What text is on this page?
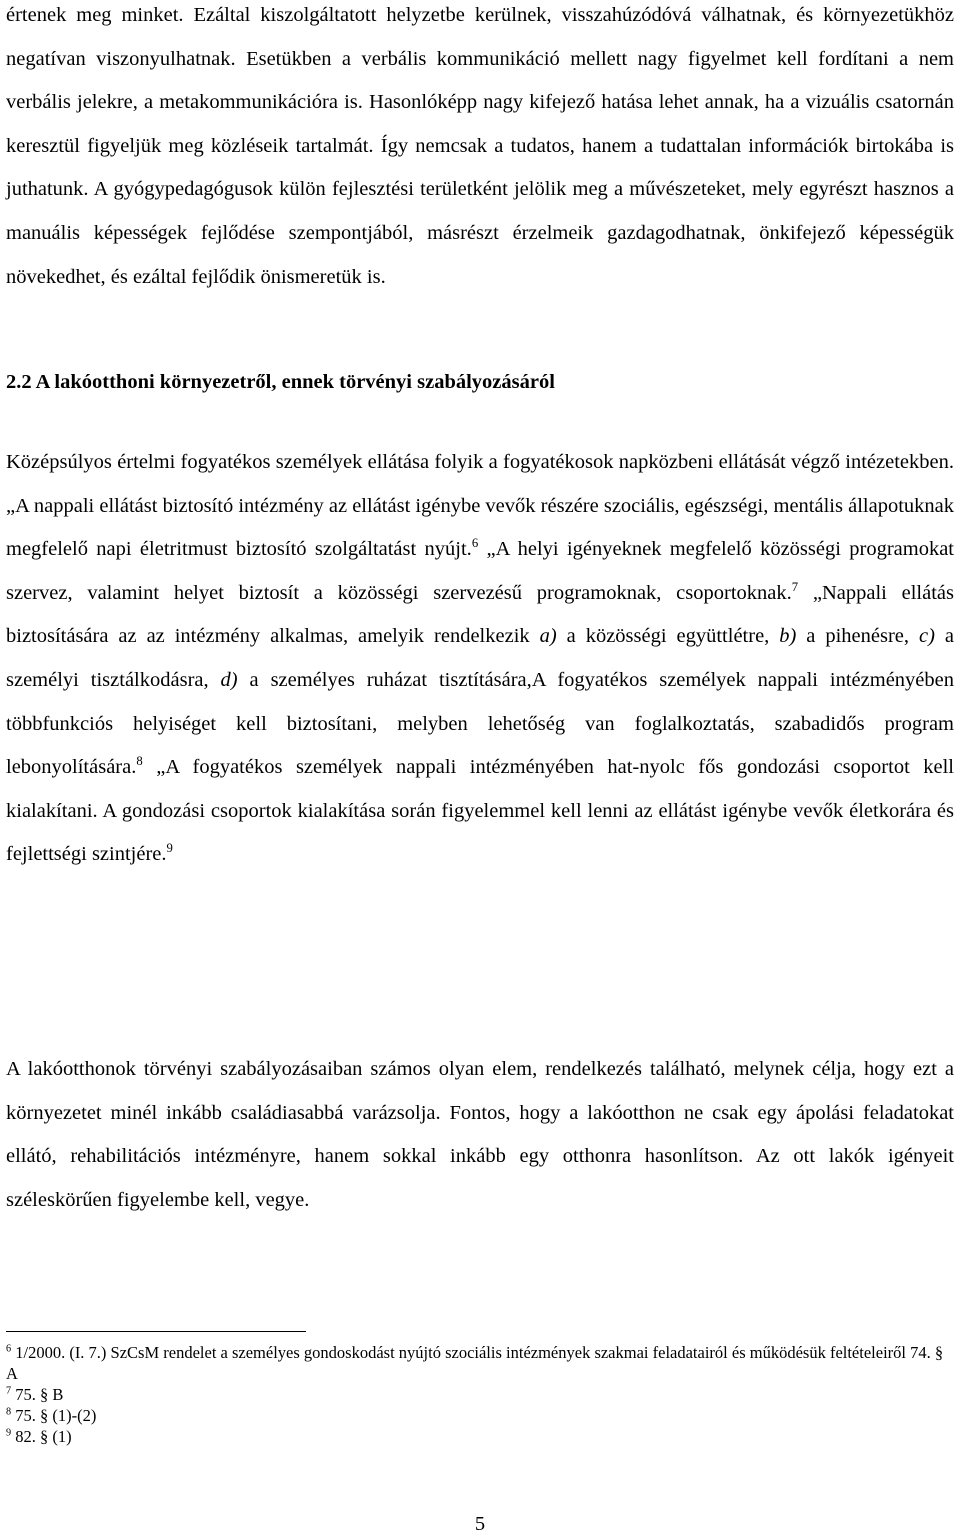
értenek meg minket. Ezáltal kiszolgáltatott helyzetbe kerülnek, visszahúzódóvá válhatnak, és környezetükhöz negatívan viszonyulhatnak. Esetükben a verbális kommunikáció mellett nagy figyelmet kell fordítani a nem verbális jelekre, a metakommunikációra is. Hasonlóképp nagy kifejező hatása lehet annak, ha a vizuális csatornán keresztül figyeljük meg közléseik tartalmát. Így nemcsak a tudatos, hanem a tudattalan információk birtokába is juthatunk. A gyógypedagógusok külön fejlesztési területként jelölik meg a művészeteket, mely egyrészt hasznos a manuális képességek fejlődése szempontjából, másrészt érzelmeik gazdagodhatnak, önkifejező képességük növekedhet, és ezáltal fejlődik önismeretük is.

2.2 A lakóotthoni környezetről, ennek törvényi szabályozásáról

Középsúlyos értelmi fogyatékos személyek ellátása folyik a fogyatékosok napközbeni ellátását végző intézetekben. „A nappali ellátást biztosító intézmény az ellátást igénybe vevők részére szociális, egészségi, mentális állapotuknak megfelelő napi életritmust biztosító szolgáltatást nyújt.$^6$ „A helyi igényeknek megfelelő közösségi programokat szervez, valamint helyet biztosít a közösségi szervezésű programoknak, csoportoknak.$^7$ „Nappali ellátás biztosítására az az intézmény alkalmas, amelyik rendelkezik a) a közösségi együttlétre, b) a pihenésre, c) a személyi tisztálkodásra, d) a személyes ruházat tisztítására,A fogyatékos személyek nappali intézményében többfunkciós helyiséget kell biztosítani, melyben lehetőség van foglalkoztatás, szabadidős program lebonyolítására.$^8$ „A fogyatékos személyek nappali intézményében hat-nyolc fős gondozási csoportot kell kialakítani. A gondozási csoportok kialakítása során figyelemmel kell lenni az ellátást igénybe vevők életkorára és fejlettségi szintjére.$^9$

A lakóotthonok törvényi szabályozásaiban számos olyan elem, rendelkezés található, melynek célja, hogy ezt a környezetet minél inkább családiasabbá varázsolja. Fontos, hogy a lakóotthon ne csak egy ápolási feladatokat ellátó, rehabilitációs intézményre, hanem sokkal inkább egy otthonra hasonlítson. Az ott lakók igényeit széleskörűen figyelembe kell, vegye.

$^6$ 1/2000. (I. 7.) SzCsM rendelet a személyes gondoskodást nyújtó szociális intézmények szakmai feladatairól és működésük feltételeiről 74. § A
$^7$ 75. § B
$^8$ 75. § (1)-(2)
$^9$ 82. § (1)
5
